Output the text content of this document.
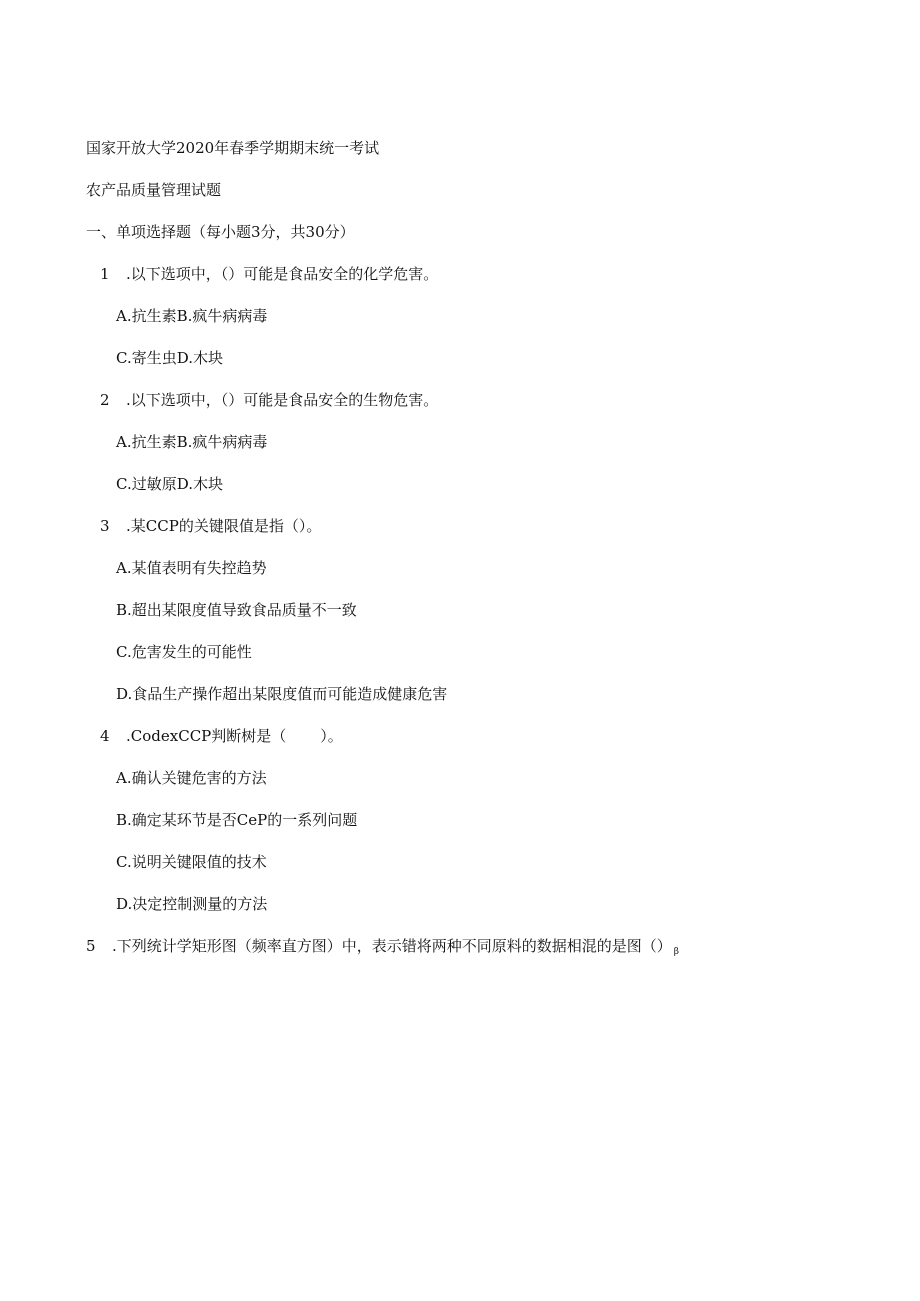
国家开放大学2020年春季学期期末统一考试
农产品质量管理试题
一、单项选择题（每小题3分，共30分）
1 .以下选项中，（）可能是食品安全的化学危害。
A.抗生素B.疯牛病病毒
C.寄生虫D.木块
2 .以下选项中，（）可能是食品安全的生物危害。
A.抗生素B.疯牛病病毒
C.过敏原D.木块
3 .某CCP的关键限值是指（）。
A.某值表明有失控趋势
B.超出某限度值导致食品质量不一致
C.危害发生的可能性
D.食品生产操作超出某限度值而可能造成健康危害
4 .CodexCCP判断树是（ ）。
A.确认关键危害的方法
B.确定某环节是否CeP的一系列问题
C.说明关键限值的技术
D.决定控制测量的方法
5 .下列统计学矩形图（频率直方图）中，表示错将两种不同原料的数据相混的是图（） $_\beta$
